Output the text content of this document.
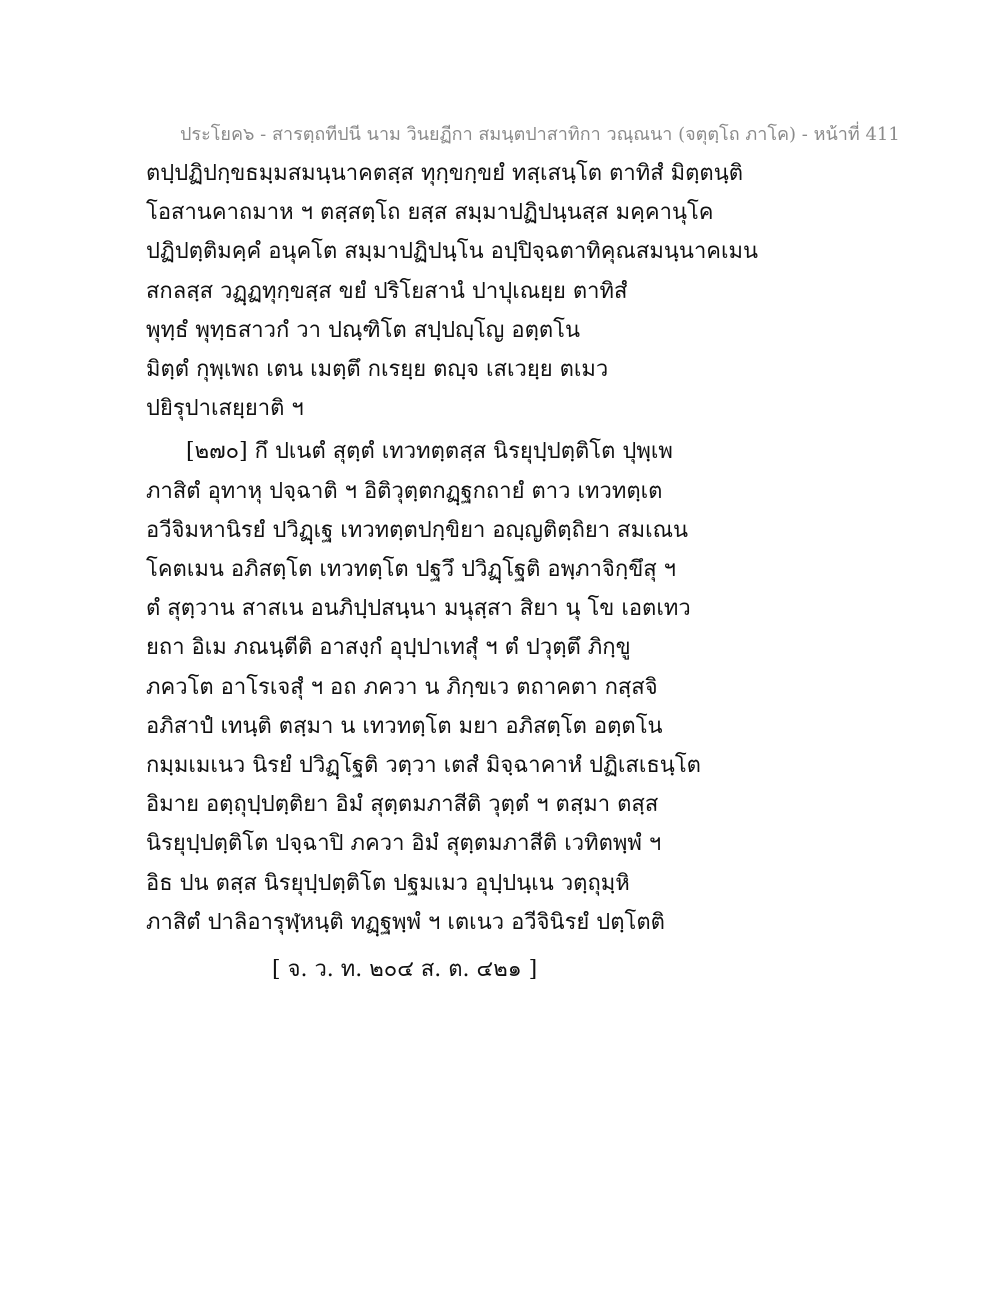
ประโยค๖ - สารตฺถทีปนี นาม วินยฏีกา สมนฺตปาสาทิกา วณฺณนา (จตุตฺโถ ภาโค) - หน้าที่ 411
ตปฺปฏิปกฺขธมฺมสมนฺนาคตสฺส ทุกฺขกฺขยํ ทสฺเสนฺโต ตาทิสํ มิตฺตนฺติ
โอสานคาถมาห ฯ ตสฺสตฺโถ ยสฺส สมฺมาปฏิปนฺนสฺส มคฺคานุโค
ปฏิปตฺติมคฺคํ อนุคโต สมฺมาปฏิปนฺโน อปฺปิจฺฉตาทิคุณสมนฺนาคเมน
สกลสฺส วฏฺฏทุกฺขสฺส ขยํ ปริโยสานํ ปาปุเณยฺย ตาทิสํ
พุทฺธํ พุทฺธสาวกํ วา ปณฺฑิโต สปฺปญฺโญ อตฺตโน
มิตฺตํ กุพฺเพถ เตน เมตฺตึ กเรยฺย ตญฺจ เสเวยฺย ตเมว
ปยิรุปาเสยฺยาติ ฯ
[๒๗๐] กึ ปเนตํ สุตฺตํ เทวทตฺตสฺส นิรยุปฺปตฺติโต ปุพฺเพ
ภาสิตํ อุทาหุ ปจฺฉาติ ฯ อิติวุตฺตกฏฺฐกถายํ ตาว เทวทตฺเต
อวีจิมหานิรยํ ปวิฏฺเฐ เทวทตฺตปกฺขิยา อญฺญติตฺถิยา สมเณน
โคตเมน อภิสตฺโต เทวทตฺโต ปฐวึ ปวิฏฺโฐติ อพฺภาจิกฺขึสุ ฯ
ตํ สุตฺวาน สาสเน อนภิปฺปสนฺนา มนุสฺสา สิยา นุ โข เอตเทว
ยถา อิเม ภณนฺตีติ อาสงฺกํ อุปฺปาเทสุํ ฯ ตํ ปวุตฺตึ ภิกฺขู
ภควโต อาโรเจสุํ ฯ อถ ภควา น ภิกฺขเว ตถาคตา กสฺสจิ
อภิสาปํ เทนฺติ ตสฺมา น เทวทตฺโต มยา อภิสตฺโต อตฺตโน
กมฺมเมเนว นิรยํ ปวิฏฺโฐติ วตฺวา เตสํ มิจฺฉาคาหํ ปฏิเสเธนฺโต
อิมาย อตฺถุปฺปตฺติยา อิมํ สุตฺตมภาสีติ วุตฺตํ ฯ ตสฺมา ตสฺส
นิรยุปฺปตฺติโต ปจฺฉาปิ ภควา อิมํ สุตฺตมภาสีติ เวทิตพฺพํ ฯ
อิธ ปน ตสฺส นิรยุปฺปตฺติโต ปฐมเมว อุปฺปนฺเน วตฺถุมฺหิ
ภาสิตํ ปาลิอารุฬฺหนฺติ ทฏฺฐพฺพํ ฯ เตเนว อวีจินิรยํ ปตฺโตติ
[ จ. ว. ท. ๒๐๔ ส. ต. ๔๒๑ ]
